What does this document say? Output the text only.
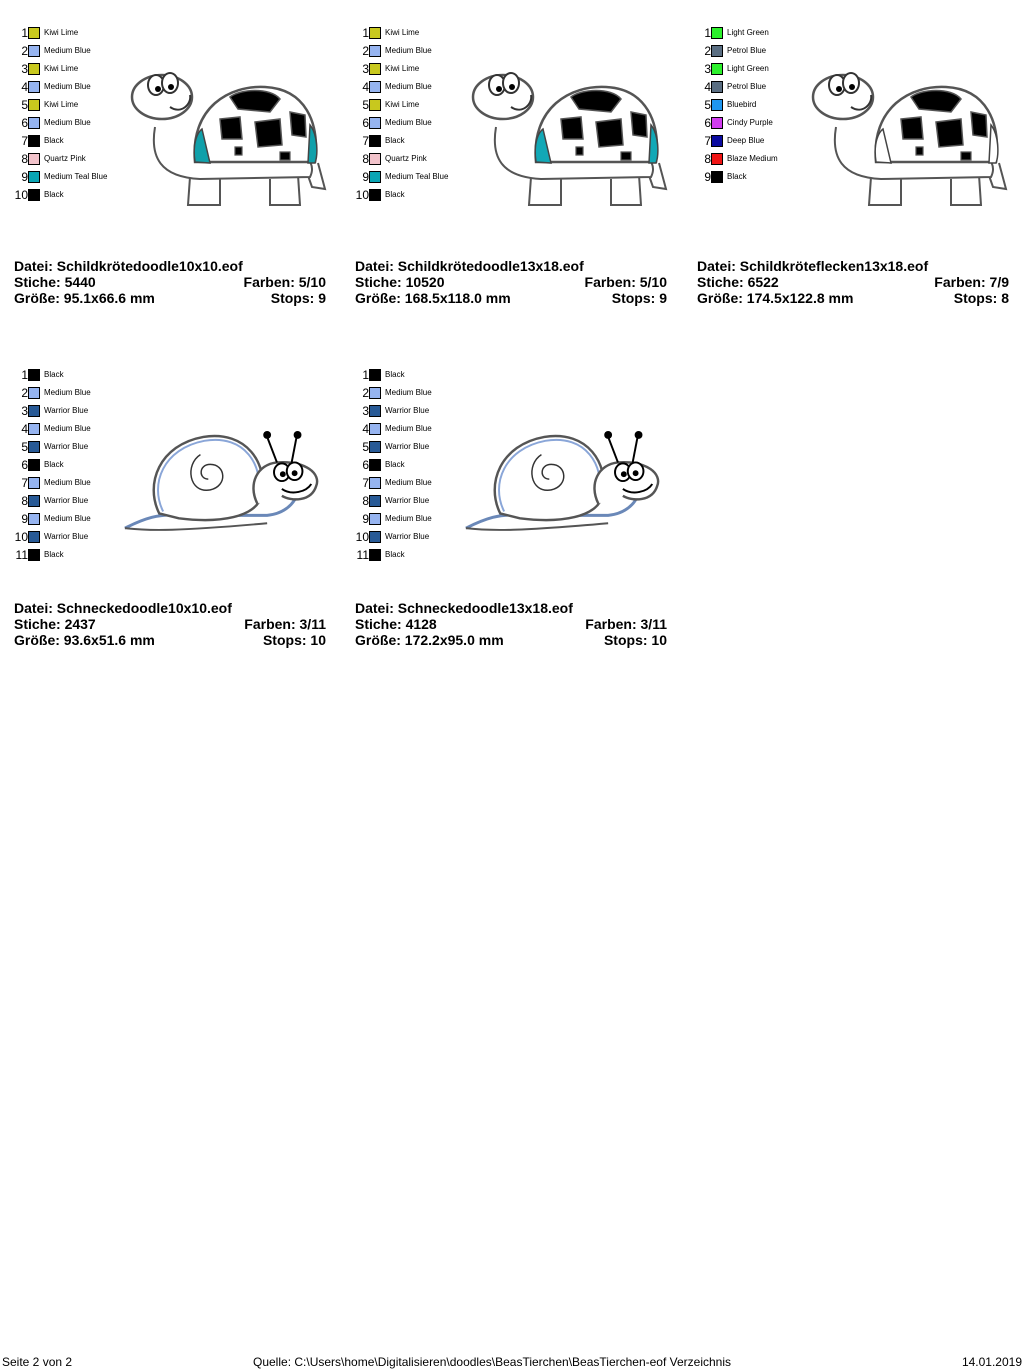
1 Kiwi Lime
2 Medium Blue
3 Kiwi Lime
4 Medium Blue
5 Kiwi Lime
6 Medium Blue
7 Black
8 Quartz Pink
9 Medium Teal Blue
10 Black
Datei: Schildkrötedoodle10x10.eof
Stiche: 5440	Farben: 5/10
Größe: 95.1x66.6 mm	Stops: 9
1 Kiwi Lime
2 Medium Blue
3 Kiwi Lime
4 Medium Blue
5 Kiwi Lime
6 Medium Blue
7 Black
8 Quartz Pink
9 Medium Teal Blue
10 Black
Datei: Schildkrötedoodle13x18.eof
Stiche: 10520	Farben: 5/10
Größe: 168.5x118.0 mm	Stops: 9
1 Light Green
2 Petrol Blue
3 Light Green
4 Petrol Blue
5 Bluebird
6 Cindy Purple
7 Deep Blue
8 Blaze Medium
9 Black
Datei: Schildkröteflecken13x18.eof
Stiche: 6522	Farben: 7/9
Größe: 174.5x122.8 mm	Stops: 8
1 Black
2 Medium Blue
3 Warrior Blue
4 Medium Blue
5 Warrior Blue
6 Black
7 Medium Blue
8 Warrior Blue
9 Medium Blue
10 Warrior Blue
11 Black
Datei: Schneckedoodle10x10.eof
Stiche: 2437	Farben: 3/11
Größe: 93.6x51.6 mm	Stops: 10
1 Black
2 Medium Blue
3 Warrior Blue
4 Medium Blue
5 Warrior Blue
6 Black
7 Medium Blue
8 Warrior Blue
9 Medium Blue
10 Warrior Blue
11 Black
Datei: Schneckedoodle13x18.eof
Stiche: 4128	Farben: 3/11
Größe: 172.2x95.0 mm	Stops: 10
Seite 2 von 2	Quelle: C:\Users\home\Digitalisieren\doodles\BeasTierchen\BeasTierchen-eof Verzeichnis	14.01.2019
